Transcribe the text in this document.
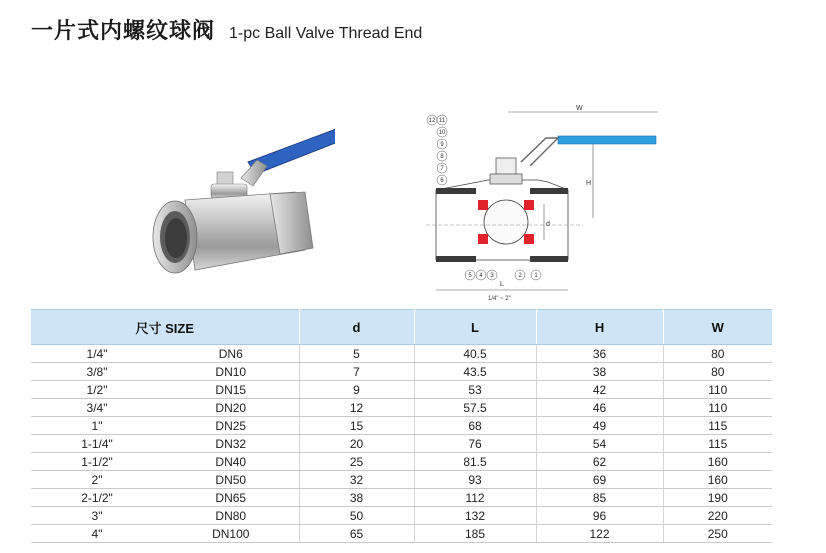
一片式内螺纹球阀 1-pc Ball Valve Thread End
W
H
d
L
1/4" ~ 2"
12 11
10
9
8
7
6
5 4 3	2 1
尺寸 SIZE		d	L	H	W
1/4"	DN6	5	40.5	36	80
3/8"	DN10	7	43.5	38	80
1/2"	DN15	9	53	42	110
3/4"	DN20	12	57.5	46	110
1"	DN25	15	68	49	115
1-1/4"	DN32	20	76	54	115
1-1/2"	DN40	25	81.5	62	160
2"	DN50	32	93	69	160
2-1/2"	DN65	38	112	85	190
3"	DN80	50	132	96	220
4"	DN100	65	185	122	250
